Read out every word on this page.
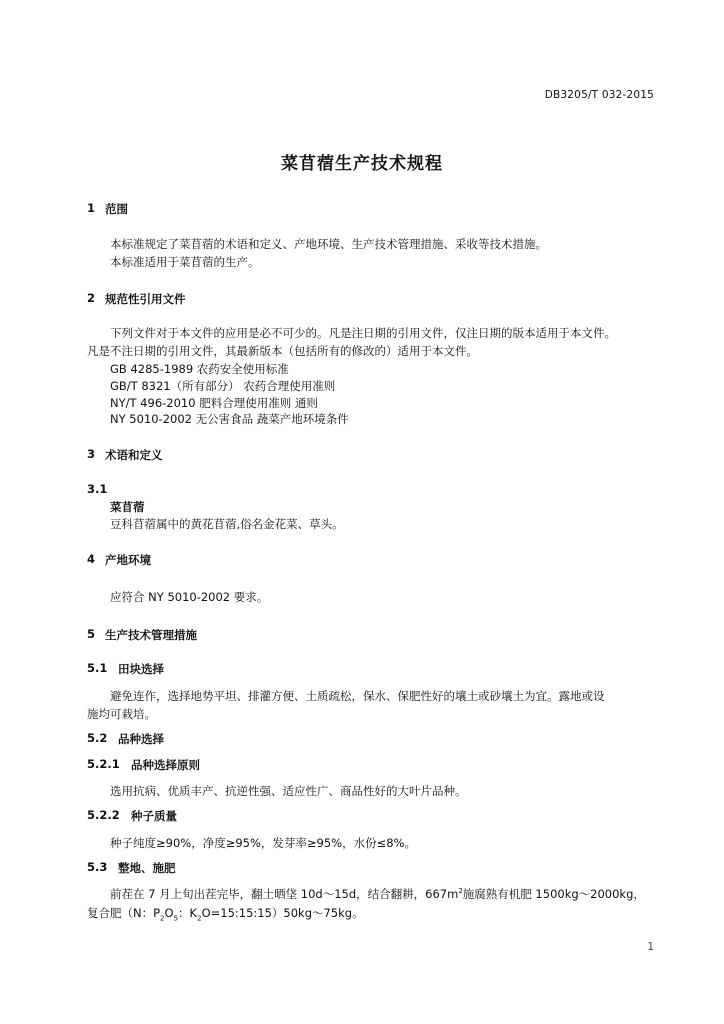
DB3205/T 032-2015
菜苜蓿生产技术规程
1 范围
本标准规定了菜苜蓿的术语和定义、产地环境、生产技术管理措施、采收等技术措施。
本标准适用于菜苜蓿的生产。
2 规范性引用文件
下列文件对于本文件的应用是必不可少的。凡是注日期的引用文件，仅注日期的版本适用于本文件。
凡是不注日期的引用文件，其最新版本（包括所有的修改的）适用于本文件。
GB 4285-1989 农药安全使用标准
GB/T 8321（所有部分） 农药合理使用准则
NY/T 496-2010 肥料合理使用准则 通则
NY 5010-2002 无公害食品 蔬菜产地环境条件
3 术语和定义
3.1
菜苜蓿
豆科苜蓿属中的黄花苜蓿,俗名金花菜、草头。
4 产地环境
应符合 NY 5010-2002 要求。
5 生产技术管理措施
5.1 田块选择
避免连作，选择地势平坦、排灌方便、土质疏松，保水、保肥性好的壤土或砂壤土为宜。露地或设
施均可栽培。
5.2 品种选择
5.2.1 品种选择原则
选用抗病、优质丰产、抗逆性强、适应性广、商品性好的大叶片品种。
5.2.2 种子质量
种子纯度≥90%，净度≥95%，发芽率≥95%，水份≤8%。
5.3 整地、施肥
前茬在 7 月上旬出茬完毕，翻土晒垡 10d～15d，结合翻耕，$667m^2$施腐熟有机肥 1500kg～2000kg，
复合肥（N：$P_2O_5$：$K_2O=15:15:15)50kg\sim 75kg$。
1
